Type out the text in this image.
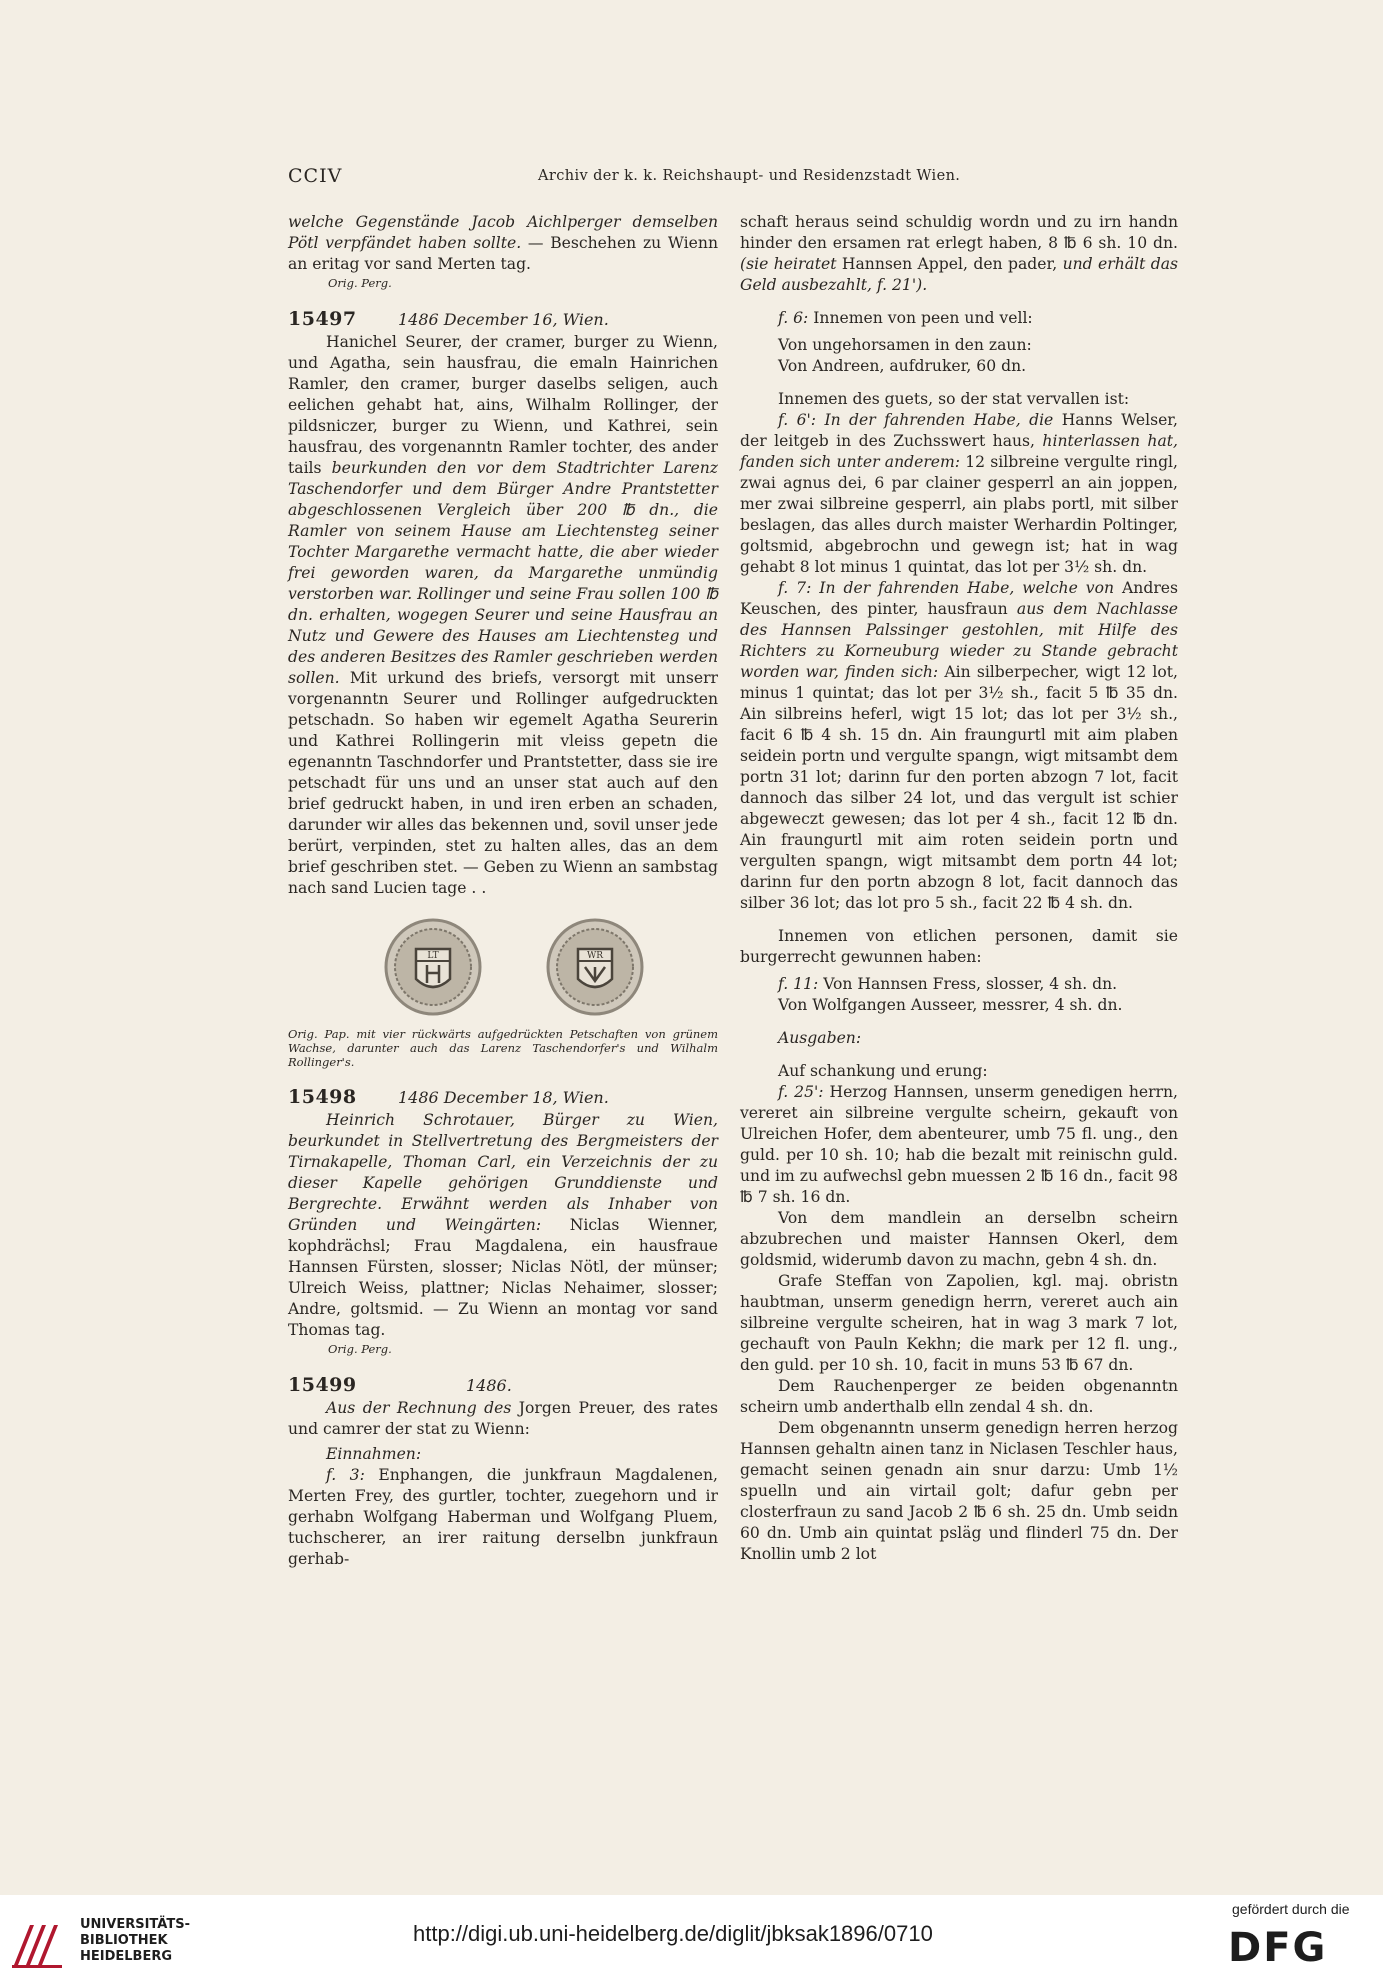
CCIV	Archiv der k. k. Reichshaupt- und Residenzstadt Wien.

welche Gegenstände Jacob Aichlperger demselben Pötl verpfändet haben sollte. — Beschehen zu Wienn an eritag vor sand Merten tag.

Orig. Perg.

15497	1486 December 16, Wien.

Hanichel Seurer, der cramer, burger zu Wienn, und Agatha, sein hausfrau, die emaln Hainrichen Ramler, den cramer, burger daselbs seligen, auch eelichen gehabt hat, ains, Wilhalm Rollinger, der pildsniczer, burger zu Wienn, und Kathrei, sein hausfrau, des vorgenanntn Ramler tochter, des ander tails beurkunden den vor dem Stadtrichter Larenz Taschendorfer und dem Bürger Andre Prantstetter abgeschlossenen Vergleich über 200 ℔ dn., die Ramler von seinem Hause am Liechtensteg seiner Tochter Margarethe vermacht hatte, die aber wieder frei geworden waren, da Margarethe unmündig verstorben war. Rollinger und seine Frau sollen 100 ℔ dn. erhalten, wogegen Seurer und seine Hausfrau an Nutz und Gewere des Hauses am Liechtensteg und des anderen Besitzes des Ramler geschrieben werden sollen. Mit urkund des briefs, versorgt mit unserr vorgenanntn Seurer und Rollinger aufgedruckten petschadn. So haben wir egemelt Agatha Seurerin und Kathrei Rollingerin mit vleiss gepetn die egenanntn Taschndorfer und Prantstetter, dass sie ire petschadt für uns und an unser stat auch auf den brief gedruckt haben, in und iren erben an schaden, darunder wir alles das bekennen und, sovil unser jede berürt, verpinden, stet zu halten alles, das an dem brief geschriben stet. — Geben zu Wienn an sambstag nach sand Lucien tage . .

LT	WR

Orig. Pap. mit vier rückwärts aufgedrückten Petschaften von grünem Wachse, darunter auch das Larenz Taschendorfer's und Wilhalm Rollinger's.

15498	1486 December 18, Wien.

Heinrich Schrotauer, Bürger zu Wien, beurkundet in Stellvertretung des Bergmeisters der Tirnakapelle, Thoman Carl, ein Verzeichnis der zu dieser Kapelle gehörigen Grunddienste und Bergrechte. Erwähnt werden als Inhaber von Gründen und Weingärten: Niclas Wienner, kophdrächsl; Frau Magdalena, ein hausfraue Hannsen Fürsten, slosser; Niclas Nötl, der münser; Ulreich Weiss, plattner; Niclas Nehaimer, slosser; Andre, goltsmid. — Zu Wienn an montag vor sand Thomas tag.

Orig. Perg.

15499	1486.

Aus der Rechnung des Jorgen Preuer, des rates und camrer der stat zu Wienn:

Einnahmen:

f. 3: Enphangen, die junkfraun Magdalenen, Merten Frey, des gurtler, tochter, zuegehorn und ir gerhabn Wolfgang Haberman und Wolfgang Pluem, tuchscherer, an irer raitung derselbn junkfraun gerhab-

schaft heraus seind schuldig wordn und zu irn handn hinder den ersamen rat erlegt haben, 8 ℔ 6 sh. 10 dn. (sie heiratet Hannsen Appel, den pader, und erhält das Geld ausbezahlt, f. 21').

f. 6: Innemen von peen und vell:

Von ungehorsamen in den zaun:

Von Andreen, aufdruker, 60 dn.

Innemen des guets, so der stat vervallen ist:

f. 6': In der fahrenden Habe, die Hanns Welser, der leitgeb in des Zuchsswert haus, hinterlassen hat, fanden sich unter anderem: 12 silbreine vergulte ringl, zwai agnus dei, 6 par clainer gesperrl an ain joppen, mer zwai silbreine gesperrl, ain plabs portl, mit silber beslagen, das alles durch maister Werhardin Poltinger, goltsmid, abgebrochn und gewegn ist; hat in wag gehabt 8 lot minus 1 quintat, das lot per 3½ sh. dn.

f. 7: In der fahrenden Habe, welche von Andres Keuschen, des pinter, hausfraun aus dem Nachlasse des Hannsen Palssinger gestohlen, mit Hilfe des Richters zu Korneuburg wieder zu Stande gebracht worden war, finden sich: Ain silberpecher, wigt 12 lot, minus 1 quintat; das lot per 3½ sh., facit 5 ℔ 35 dn. Ain silbreins heferl, wigt 15 lot; das lot per 3½ sh., facit 6 ℔ 4 sh. 15 dn. Ain fraungurtl mit aim plaben seidein portn und vergulte spangn, wigt mitsambt dem portn 31 lot; darinn fur den porten abzogn 7 lot, facit dannoch das silber 24 lot, und das vergult ist schier abgeweczt gewesen; das lot per 4 sh., facit 12 ℔ dn. Ain fraungurtl mit aim roten seidein portn und vergulten spangn, wigt mitsambt dem portn 44 lot; darinn fur den portn abzogn 8 lot, facit dannoch das silber 36 lot; das lot pro 5 sh., facit 22 ℔ 4 sh. dn.

Innemen von etlichen personen, damit sie burgerrecht gewunnen haben:

f. 11: Von Hannsen Fress, slosser, 4 sh. dn.

Von Wolfgangen Ausseer, messrer, 4 sh. dn.

Ausgaben:

Auf schankung und erung:

f. 25': Herzog Hannsen, unserm genedigen herrn, vereret ain silbreine vergulte scheirn, gekauft von Ulreichen Hofer, dem abenteurer, umb 75 fl. ung., den guld. per 10 sh. 10; hab die bezalt mit reinischn guld. und im zu aufwechsl gebn muessen 2 ℔ 16 dn., facit 98 ℔ 7 sh. 16 dn.

Von dem mandlein an derselbn scheirn abzubrechen und maister Hannsen Okerl, dem goldsmid, widerumb davon zu machn, gebn 4 sh. dn.

Grafe Steffan von Zapolien, kgl. maj. obristn haubtman, unserm genedign herrn, vereret auch ain silbreine vergulte scheiren, hat in wag 3 mark 7 lot, gechauft von Pauln Kekhn; die mark per 12 fl. ung., den guld. per 10 sh. 10, facit in muns 53 ℔ 67 dn.

Dem Rauchenperger ze beiden obgenanntn scheirn umb anderthalb elln zendal 4 sh. dn.

Dem obgenanntn unserm genedign herren herzog Hannsen gehaltn ainen tanz in Niclasen Teschler haus, gemacht seinen genadn ain snur darzu: Umb 1½ spuelln und ain virtail golt; dafur gebn per closterfraun zu sand Jacob 2 ℔ 6 sh. 25 dn. Umb seidn 60 dn. Umb ain quintat psläg und flinderl 75 dn. Der Knollin umb 2 lot

UNIVERSITÄTS-
BIBLIOTHEK
HEIDELBERG
http://digi.ub.uni-heidelberg.de/diglit/jbksak1896/0710
gefördert durch die
DFG
